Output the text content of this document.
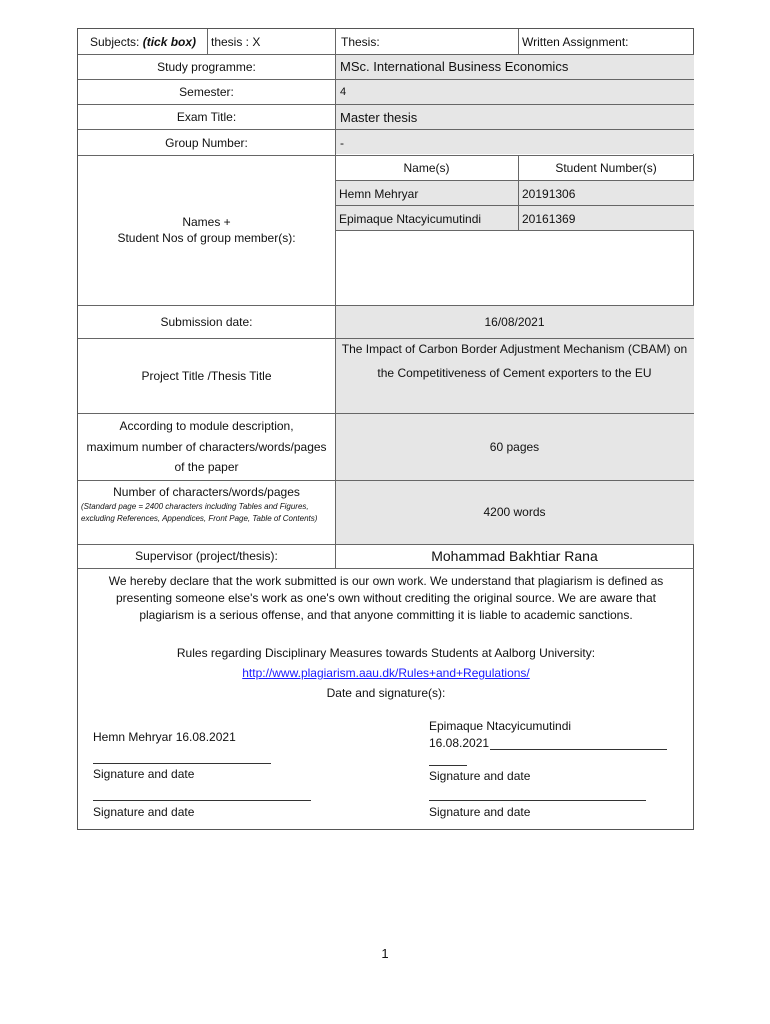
Subjects: (tick box) thesis : X	Thesis:	Written Assignment:
Study programme:	MSc. International Business Economics
Semester:	4
Exam Title:	Master thesis
Group Number:	-
Names +
Student Nos of group member(s):
Name(s)	Student Number(s)
Hemn Mehryar	20191306
Epimaque Ntacyicumutindi	20161369
Submission date:	16/08/2021
Project Title /Thesis Title
The Impact of Carbon Border Adjustment Mechanism (CBAM) on
the Competitiveness of Cement exporters to the EU
According to module description,
maximum number of characters/words/pages
of the paper
60 pages
Number of characters/words/pages
(Standard page = 2400 characters including Tables and Figures, excluding References, Appendices, Front Page, Table of Contents)	4200 words
Supervisor (project/thesis):	Mohammad Bakhtiar Rana
We hereby declare that the work submitted is our own work. We understand that plagiarism is defined as
presenting someone else's work as one's own without crediting the original source. We are aware that
plagiarism is a serious offense, and that anyone committing it is liable to academic sanctions.
Rules regarding Disciplinary Measures towards Students at Aalborg University:
http://www.plagiarism.aau.dk/Rules+and+Regulations/
Date and signature(s):
Hemn Mehryar 16.08.2021
Signature and date
Signature and date
Epimaque Ntacyicumutindi
16.08.2021
Signature and date
Signature and date
1
